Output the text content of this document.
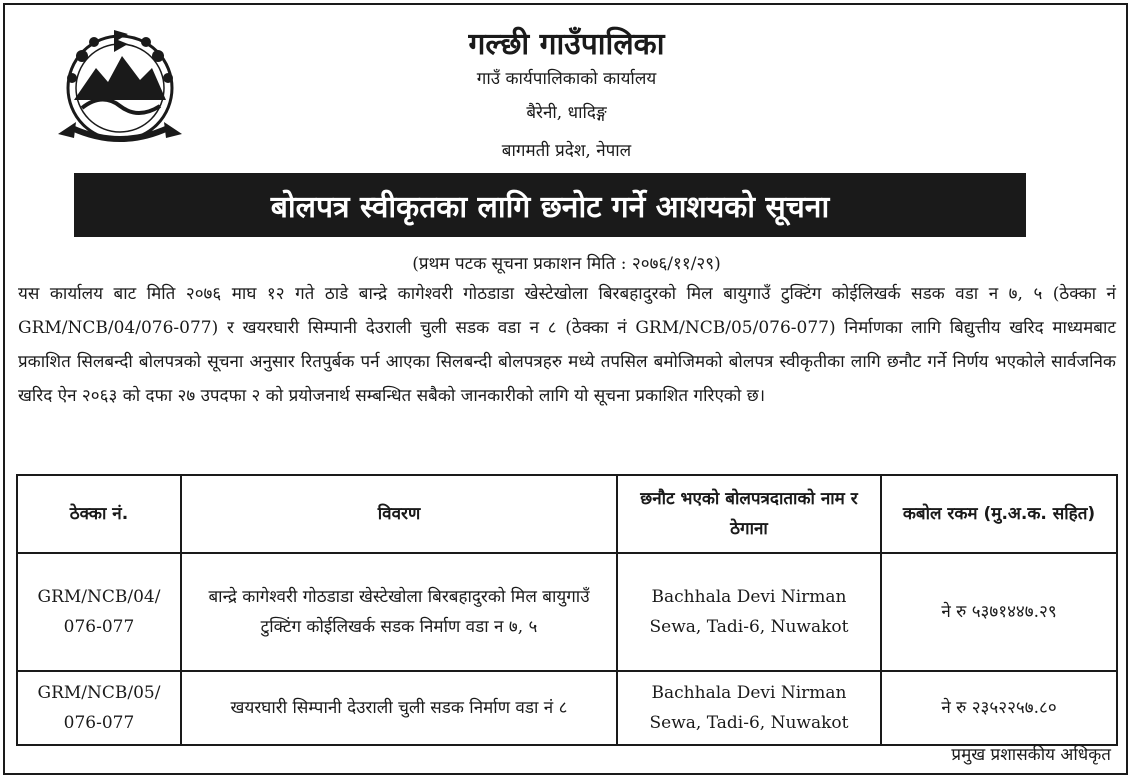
गल्छी गाउँपालिका
गाउँ कार्यपालिकाको कार्यालय
बैरेनी, धादिङ्ग
बागमती प्रदेश, नेपाल
बोलपत्र स्वीकृतका लागि छनोट गर्ने आशयको सूचना
(प्रथम पटक सूचना प्रकाशन मिति : २०७६/११/२९)

यस कार्यालय बाट मिति २०७६ माघ १२ गते ठाडे बान्द्रे कागेश्वरी गोठडाडा खेस्टेखोला बिरबहादुरको मिल बायुगाउँ टुक्टिंग कोईलिखर्क सडक वडा न ७, ५ (ठेक्का नं GRM/NCB/04/076-077) र खयरघारी सिम्पानी देउराली चुली सडक वडा न ८ (ठेक्का नं GRM/NCB/05/076-077) निर्माणका लागि बिद्युत्तीय खरिद माध्यमबाट प्रकाशित सिलबन्दी बोलपत्रको सूचना अनुसार रितपुर्बक पर्न आएका सिलबन्दी बोलपत्रहरु मध्ये तपसिल बमोजिमको बोलपत्र स्वीकृतीका लागि छनौट गर्ने निर्णय भएकोले सार्वजनिक खरिद ऐन २०६३ को दफा २७ उपदफा २ को प्रयोजनार्थ सम्बन्धित सबैको जानकारीको लागि यो सूचना प्रकाशित गरिएको छ।

ठेक्का नं.	विवरण	छनौट भएको बोलपत्रदाताको नाम र ठेगाना	कबोल रकम (मु.अ.क. सहित)
GRM/NCB/04/ 076-077	बान्द्रे कागेश्वरी गोठडाडा खेस्टेखोला बिरबहादुरको मिल बायुगाउँ टुक्टिंग कोईलिखर्क सडक निर्माण वडा न ७, ५	Bachhala Devi Nirman Sewa, Tadi-6, Nuwakot	ने रु ५३७१४४७.२९
GRM/NCB/05/ 076-077	खयरघारी सिम्पानी देउराली चुली सडक निर्माण वडा नं ८	Bachhala Devi Nirman Sewa, Tadi-6, Nuwakot	ने रु २३५२२५७.८०
प्रमुख प्रशासकीय अधिकृत
